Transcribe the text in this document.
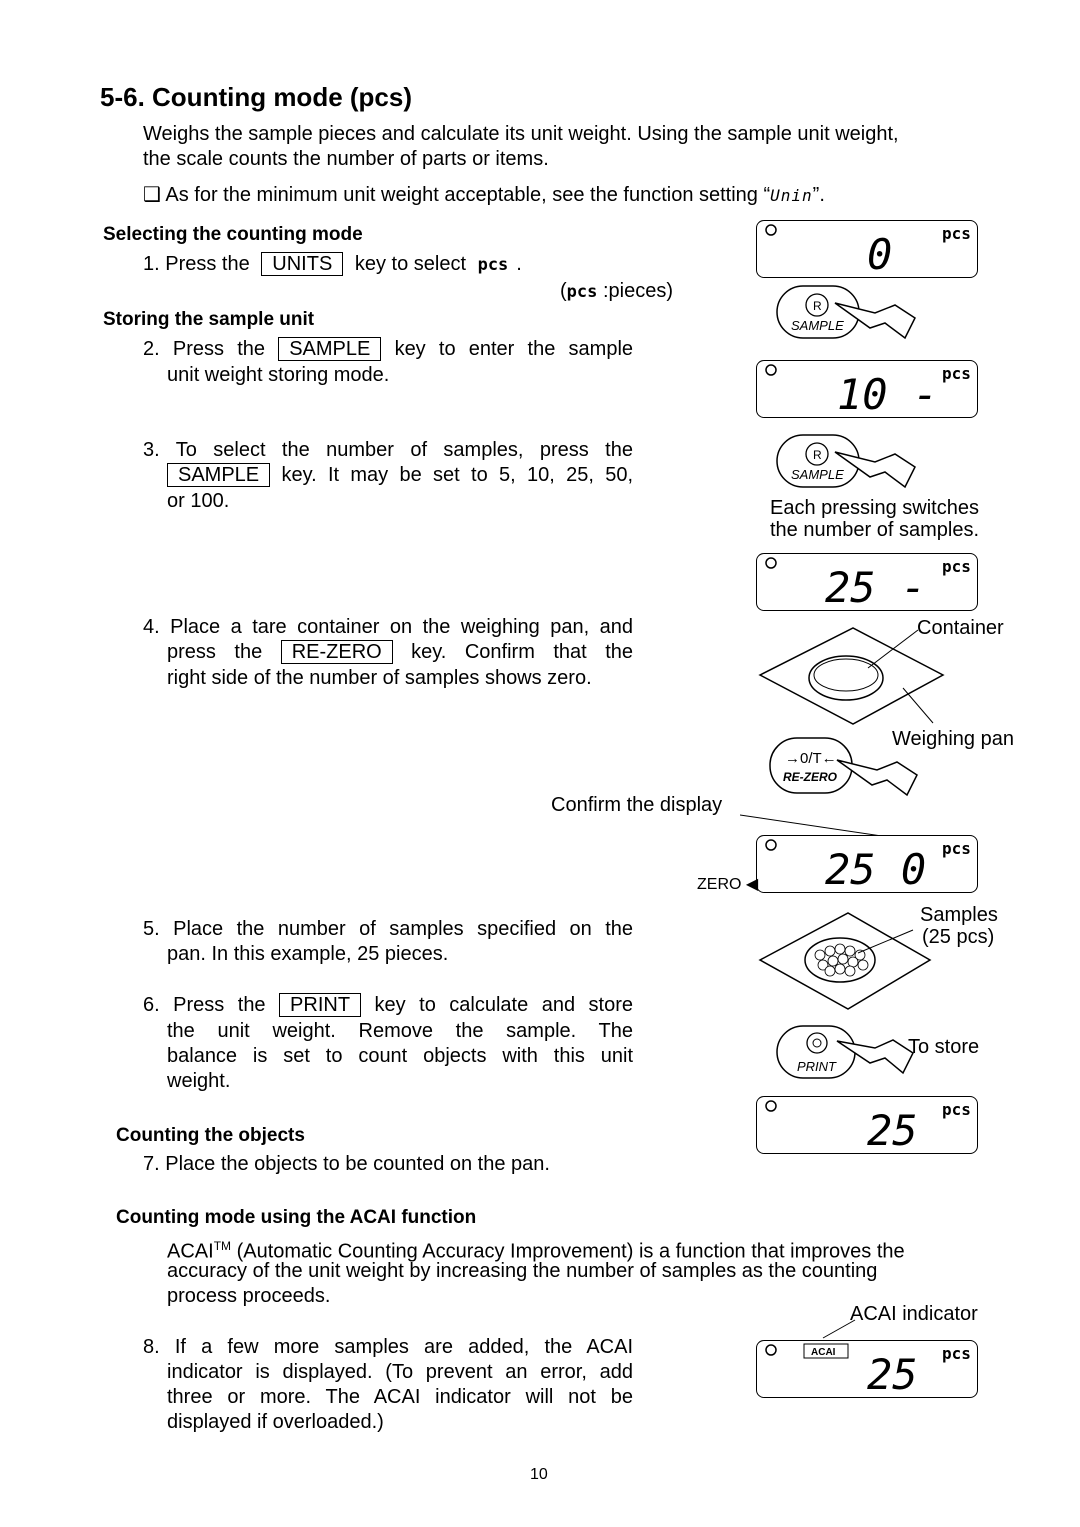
5-6. Counting mode (pcs)
Weighs the sample pieces and calculate its unit weight. Using the sample unit weight,
the scale counts the number of parts or items.
❑ As for the minimum unit weight acceptable, see the function setting “Unin”.
Selecting the counting mode
1. Press the UNITS key to select pcs .
(pcs :pieces)
Storing the sample unit
2. Press the SAMPLE key to enter the sample
unit weight storing mode.
3. To select the number of samples, press the
SAMPLE key. It may be set to 5, 10, 25, 50,
or 100.
4. Place a tare container on the weighing pan, and
press the RE-ZERO key. Confirm that the
right side of the number of samples shows zero.
Confirm the display
5. Place the number of samples specified on the
pan. In this example, 25 pieces.
6. Press the PRINT key to calculate and store
the unit weight. Remove the sample. The
balance is set to count objects with this unit
weight.
Counting the objects
7. Place the objects to be counted on the pan.
Counting mode using the ACAI function
ACAI™ (Automatic Counting Accuracy Improvement) is a function that improves the
accuracy of the unit weight by increasing the number of samples as the counting
process proceeds.
8. If a few more samples are added, the ACAI
indicator is displayed. (To prevent an error, add
three or more. The ACAI indicator will not be
displayed if overloaded.)
10
0	pcs
R
SAMPLE
10 - pcs
R
SAMPLE
Each pressing switches
the number of samples.
25 - pcs
Container
Weighing pan
→0/T←
RE-ZERO
25 0 pcs
ZERO ◀
Samples
(25 pcs)
PRINT
To store
25 pcs
ACAI indicator
ACAI 25 pcs
